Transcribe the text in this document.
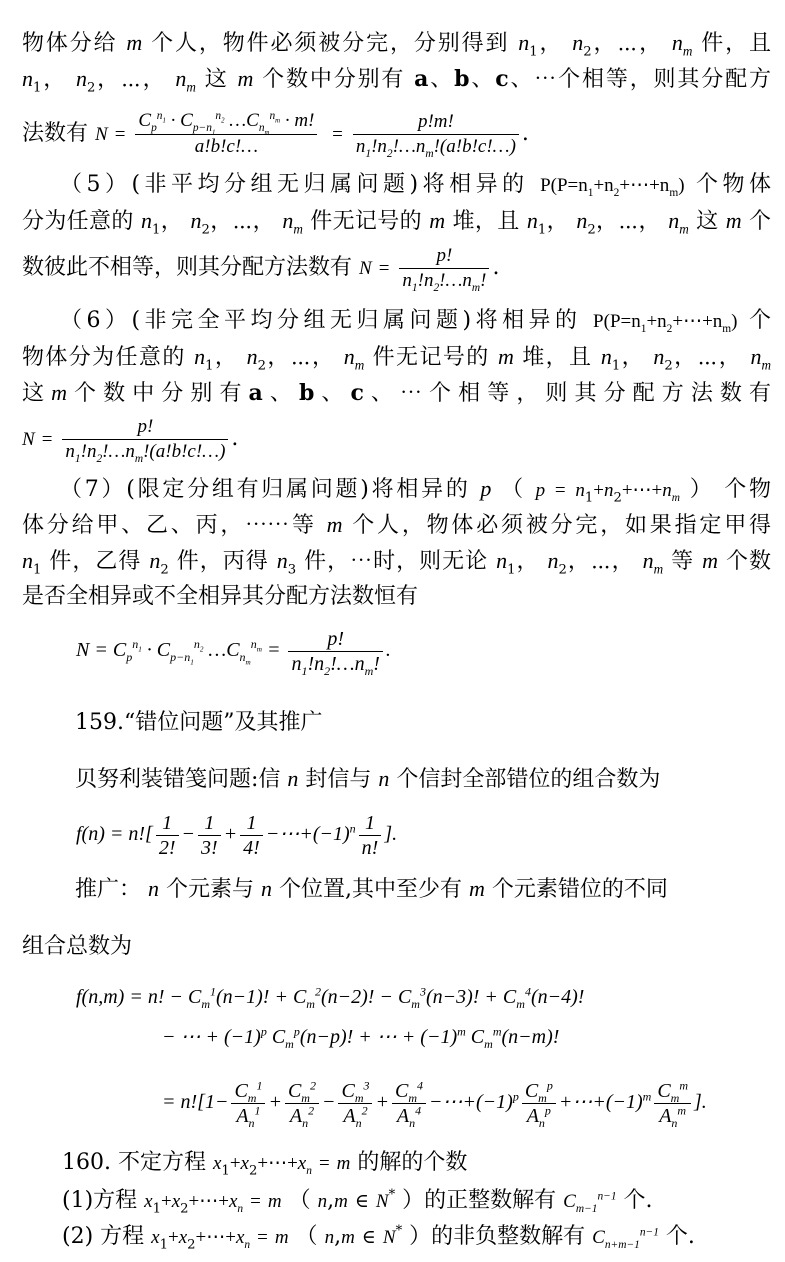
物体分给 m 个人，物件必须被分完，分别得到 $n_1$， $n_2$，⋯， $n_m$ 件，且
$n_1$， $n_2$，⋯， $n_m$ 这 m 个数中分别有 a、b、c、⋯个相等，则其分配方
法数有 $N = \frac{C_p^{n_1} \cdot C_{p-n_1}^{n_2} \dots C_{n_m}^{n_m} \cdot m!}{a!b!c!\dots} = \frac{p!m!}{n_1!n_2!\dots n_m!(a!b!c!\dots)}$ .
（5）(非平均分组无归属问题)将相异的 $P(P=n_1+n_2+\cdots+n_m)$ 个物体
分为任意的 $n_1$， $n_2$，⋯， $n_m$ 件无记号的 m 堆，且 $n_1$， $n_2$，⋯， $n_m$ 这 m 个
数彼此不相等，则其分配方法数有 $N = \frac{p!}{n_1!n_2!\dots n_m!}$ .
（6）(非完全平均分组无归属问题)将相异的 $P(P=n_1+n_2+\cdots+n_m)$ 个
物体分为任意的 $n_1$， $n_2$，⋯， $n_m$ 件无记号的 m 堆，且 $n_1$， $n_2$，⋯， $n_m$
这 m 个 数 中 分 别 有 a 、 b 、 c 、 ⋯ 个 相 等 ， 则 其 分 配 方 法 数 有
$N = \frac{p!}{n_1!n_2!\dots n_m!(a!b!c!\dots)}$ .
（7）(限定分组有归属问题)将相异的 p （ $p = n_1+n_2+\cdots+n_m$ ） 个物
体分给甲、乙、丙，⋯⋯等 m 个人，物体必须被分完，如果指定甲得
$n_1$ 件，乙得 $n_2$ 件，丙得 $n_3$ 件，⋯时，则无论 $n_1$， $n_2$，⋯， $n_m$ 等 m 个数
是否全相异或不全相异其分配方法数恒有
$N = C_p^{n_1} \cdot C_{p-n_1}^{n_2}$ $\dots C_{n_m}^{n_m} = \frac{p!}{n_1!n_2!\dots n_m!}$ .
159.“错位问题”及其推广
贝努利装错笺问题:信 n 封信与 n 个信封全部错位的组合数为
$f(n) = n![ \frac{1}{2!} - \frac{1}{3!} + \frac{1}{4!}$ $-\cdots+(-1)^n \frac{1}{n!}$ ].
推广： n 个元素与 n 个位置,其中至少有 m 个元素错位的不同
组合总数为
f(n,m) = n! − $C_m^1(n-1)$! + $C_m^2(n-2)$! − $C_m^3(n-3)$! + $C_m^4(n-4)$!
− ⋯ + $(-1)^p$ $C_m^p(n-p)$! + ⋯ + $(-1)^m$ $C_m^m(n-m)$!
= $n![1- \frac{C_m^1}{A_n^1} + \frac{C_m^2}{A_n^2} - \frac{C_m^3}{A_n^2} + \frac{C_m^4}{A_n^4}$ $-\cdots+(-1)^p \frac{C_m^p}{A_n^p}$ $+\cdots+(-1)^m \frac{C_m^m}{A_n^m}$ ].
160. 不定方程 $x_1+x_2+\cdots+x_n = m$ 的解的个数
(1)方程 $x_1+x_2+\cdots+x_n = m$ （ n,m ∈ N* ）的正整数解有 $C_{m-1}^{n-1}$ 个.
(2) 方程 $x_1+x_2+\cdots+x_n = m$ （ n,m ∈ N* ）的非负整数解有 $C_{n+m-1}^{n-1}$ 个.
